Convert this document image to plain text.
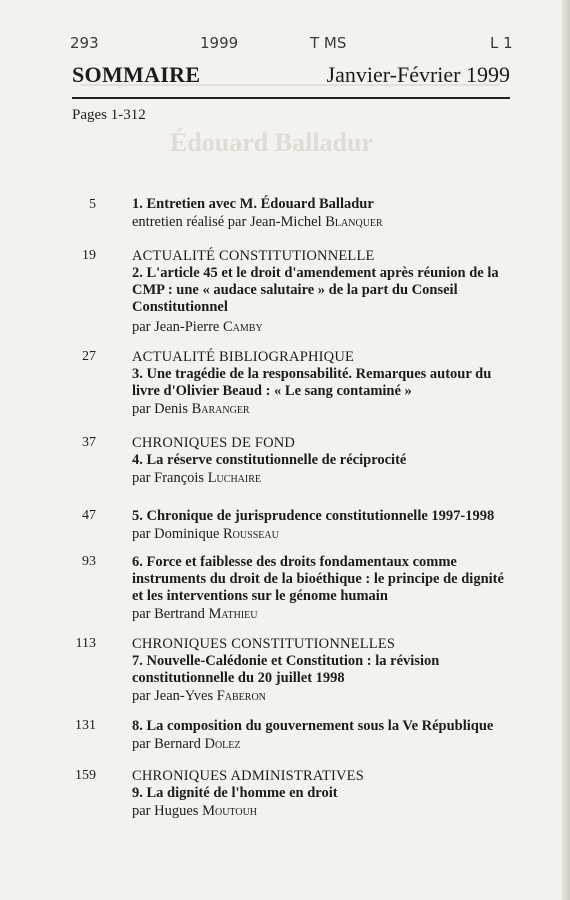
Édouard Balladur
293	1999	T MS	L 1
SOMMAIRE	Janvier-Février 1999
Pages 1-312
5 1. Entretien avec M. Édouard Balladur
entretien réalisé par Jean-Michel Blanquer
19 ACTUALITÉ CONSTITUTIONNELLE
2. L'article 45 et le droit d'amendement après réunion de la CMP : une « audace salutaire » de la part du Conseil Constitutionnel
par Jean-Pierre Camby
27 ACTUALITÉ BIBLIOGRAPHIQUE
3. Une tragédie de la responsabilité. Remarques autour du livre d'Olivier Beaud : « Le sang contaminé »
par Denis Baranger
37 CHRONIQUES DE FOND
4. La réserve constitutionnelle de réciprocité
par François Luchaire
47 5. Chronique de jurisprudence constitutionnelle 1997-1998
par Dominique Rousseau
93 6. Force et faiblesse des droits fondamentaux comme instruments du droit de la bioéthique : le principe de dignité et les interventions sur le génome humain
par Bertrand Mathieu
113 CHRONIQUES CONSTITUTIONNELLES
7. Nouvelle-Calédonie et Constitution : la révision constitutionnelle du 20 juillet 1998
par Jean-Yves Faberon
131 8. La composition du gouvernement sous la Ve République
par Bernard Dolez
159 CHRONIQUES ADMINISTRATIVES
9. La dignité de l'homme en droit
par Hugues Moutouh
